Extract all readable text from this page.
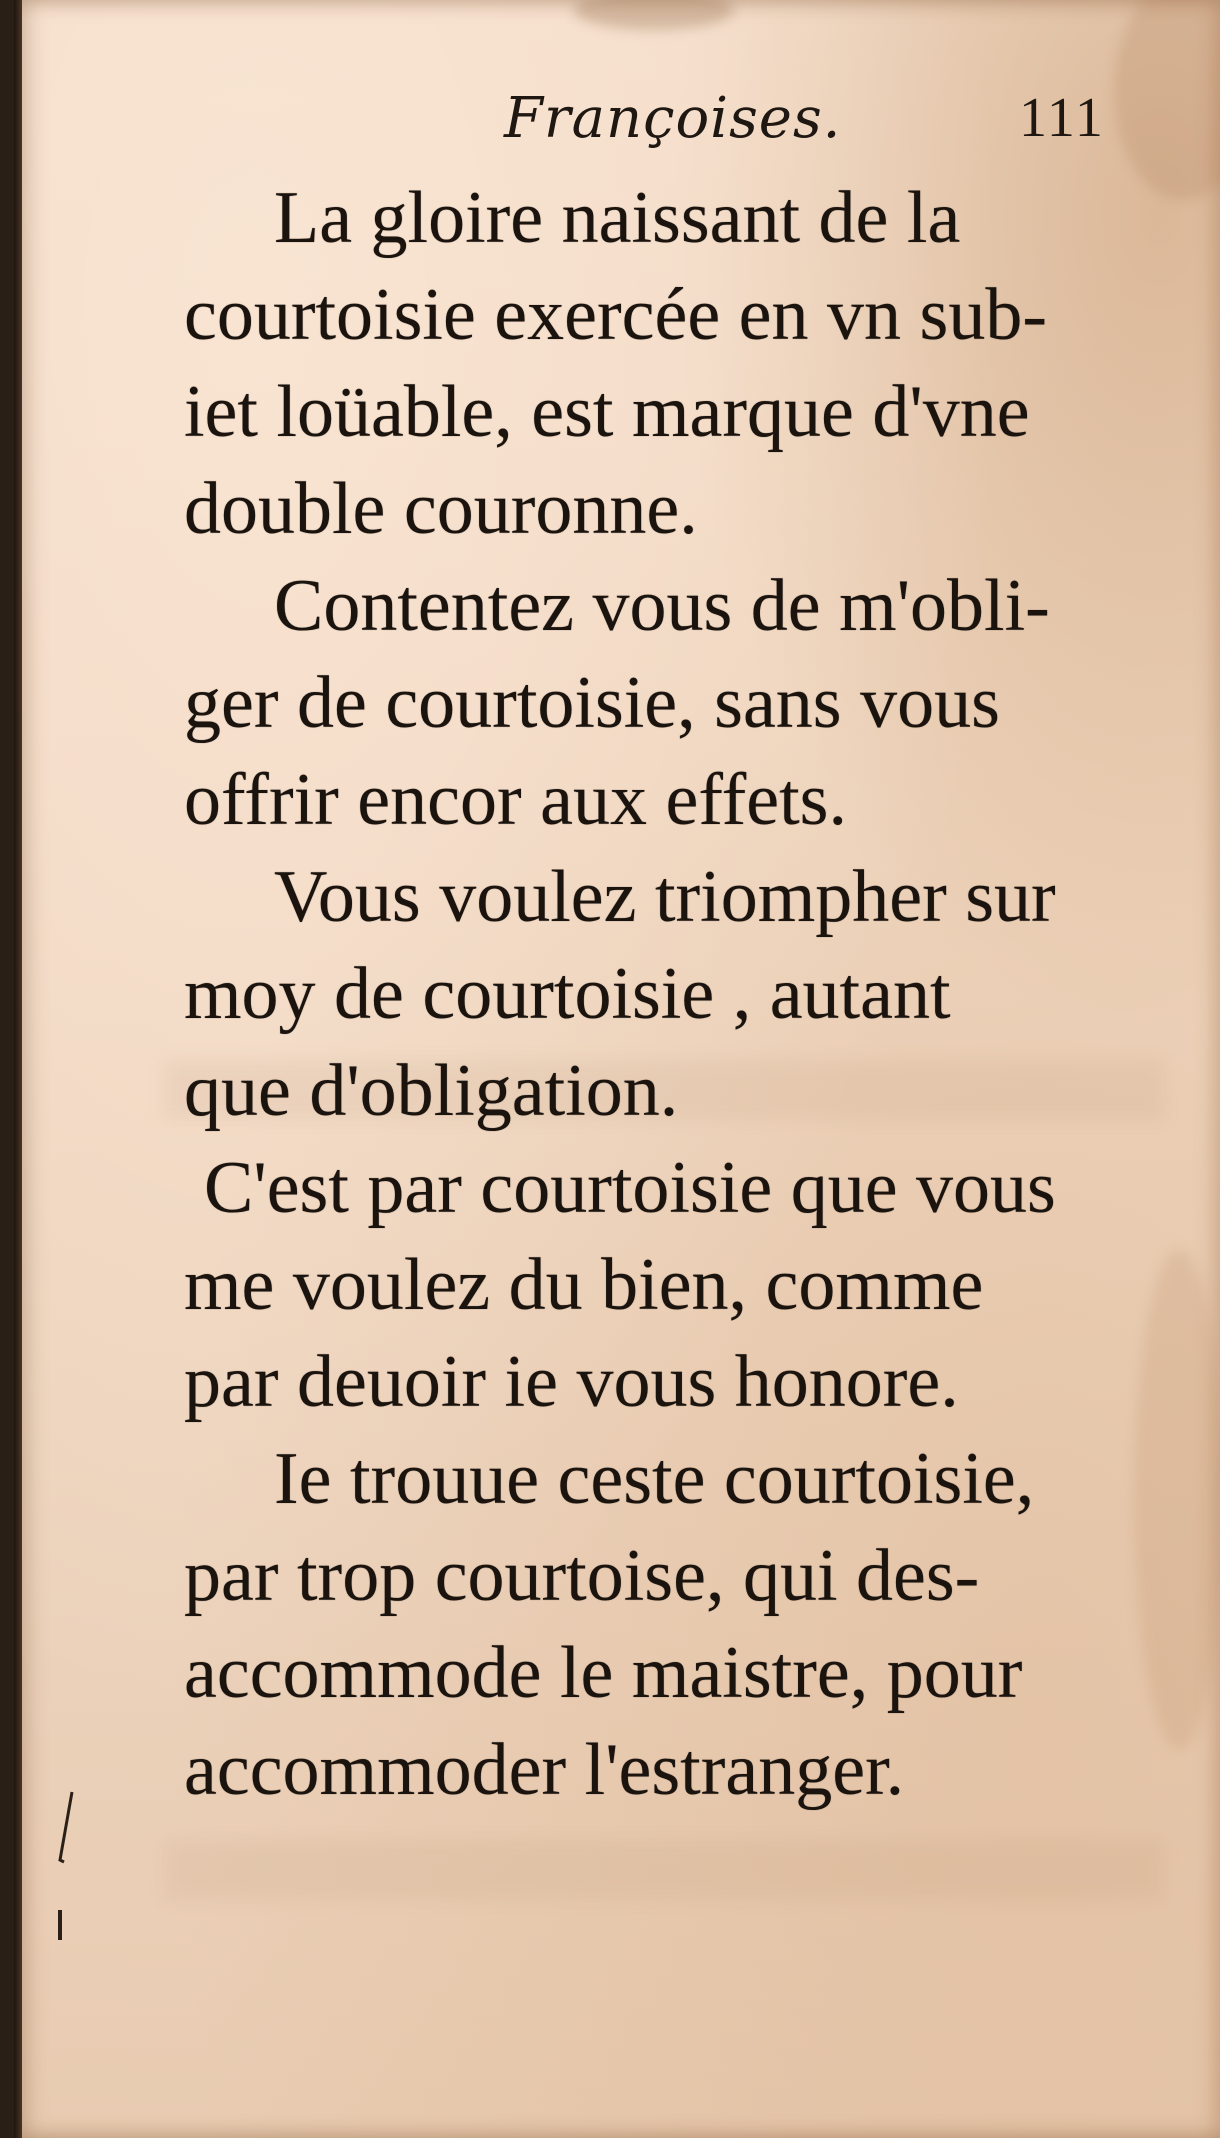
Françoises.	111
La gloire naissant de la
courtoisie exercée en vn sub-
iet loüable, est marque d'vne
double couronne.
Contentez vous de m'obli-
ger de courtoisie, sans vous
offrir encor aux effets.
Vous voulez triompher sur
moy de courtoisie , autant
que d'obligation.
C'est par courtoisie que vous
me voulez du bien, comme
par deuoir ie vous honore.
Ie trouue ceste courtoisie,
par trop courtoise, qui des-
accommode le maistre, pour
accommoder l'estranger.
